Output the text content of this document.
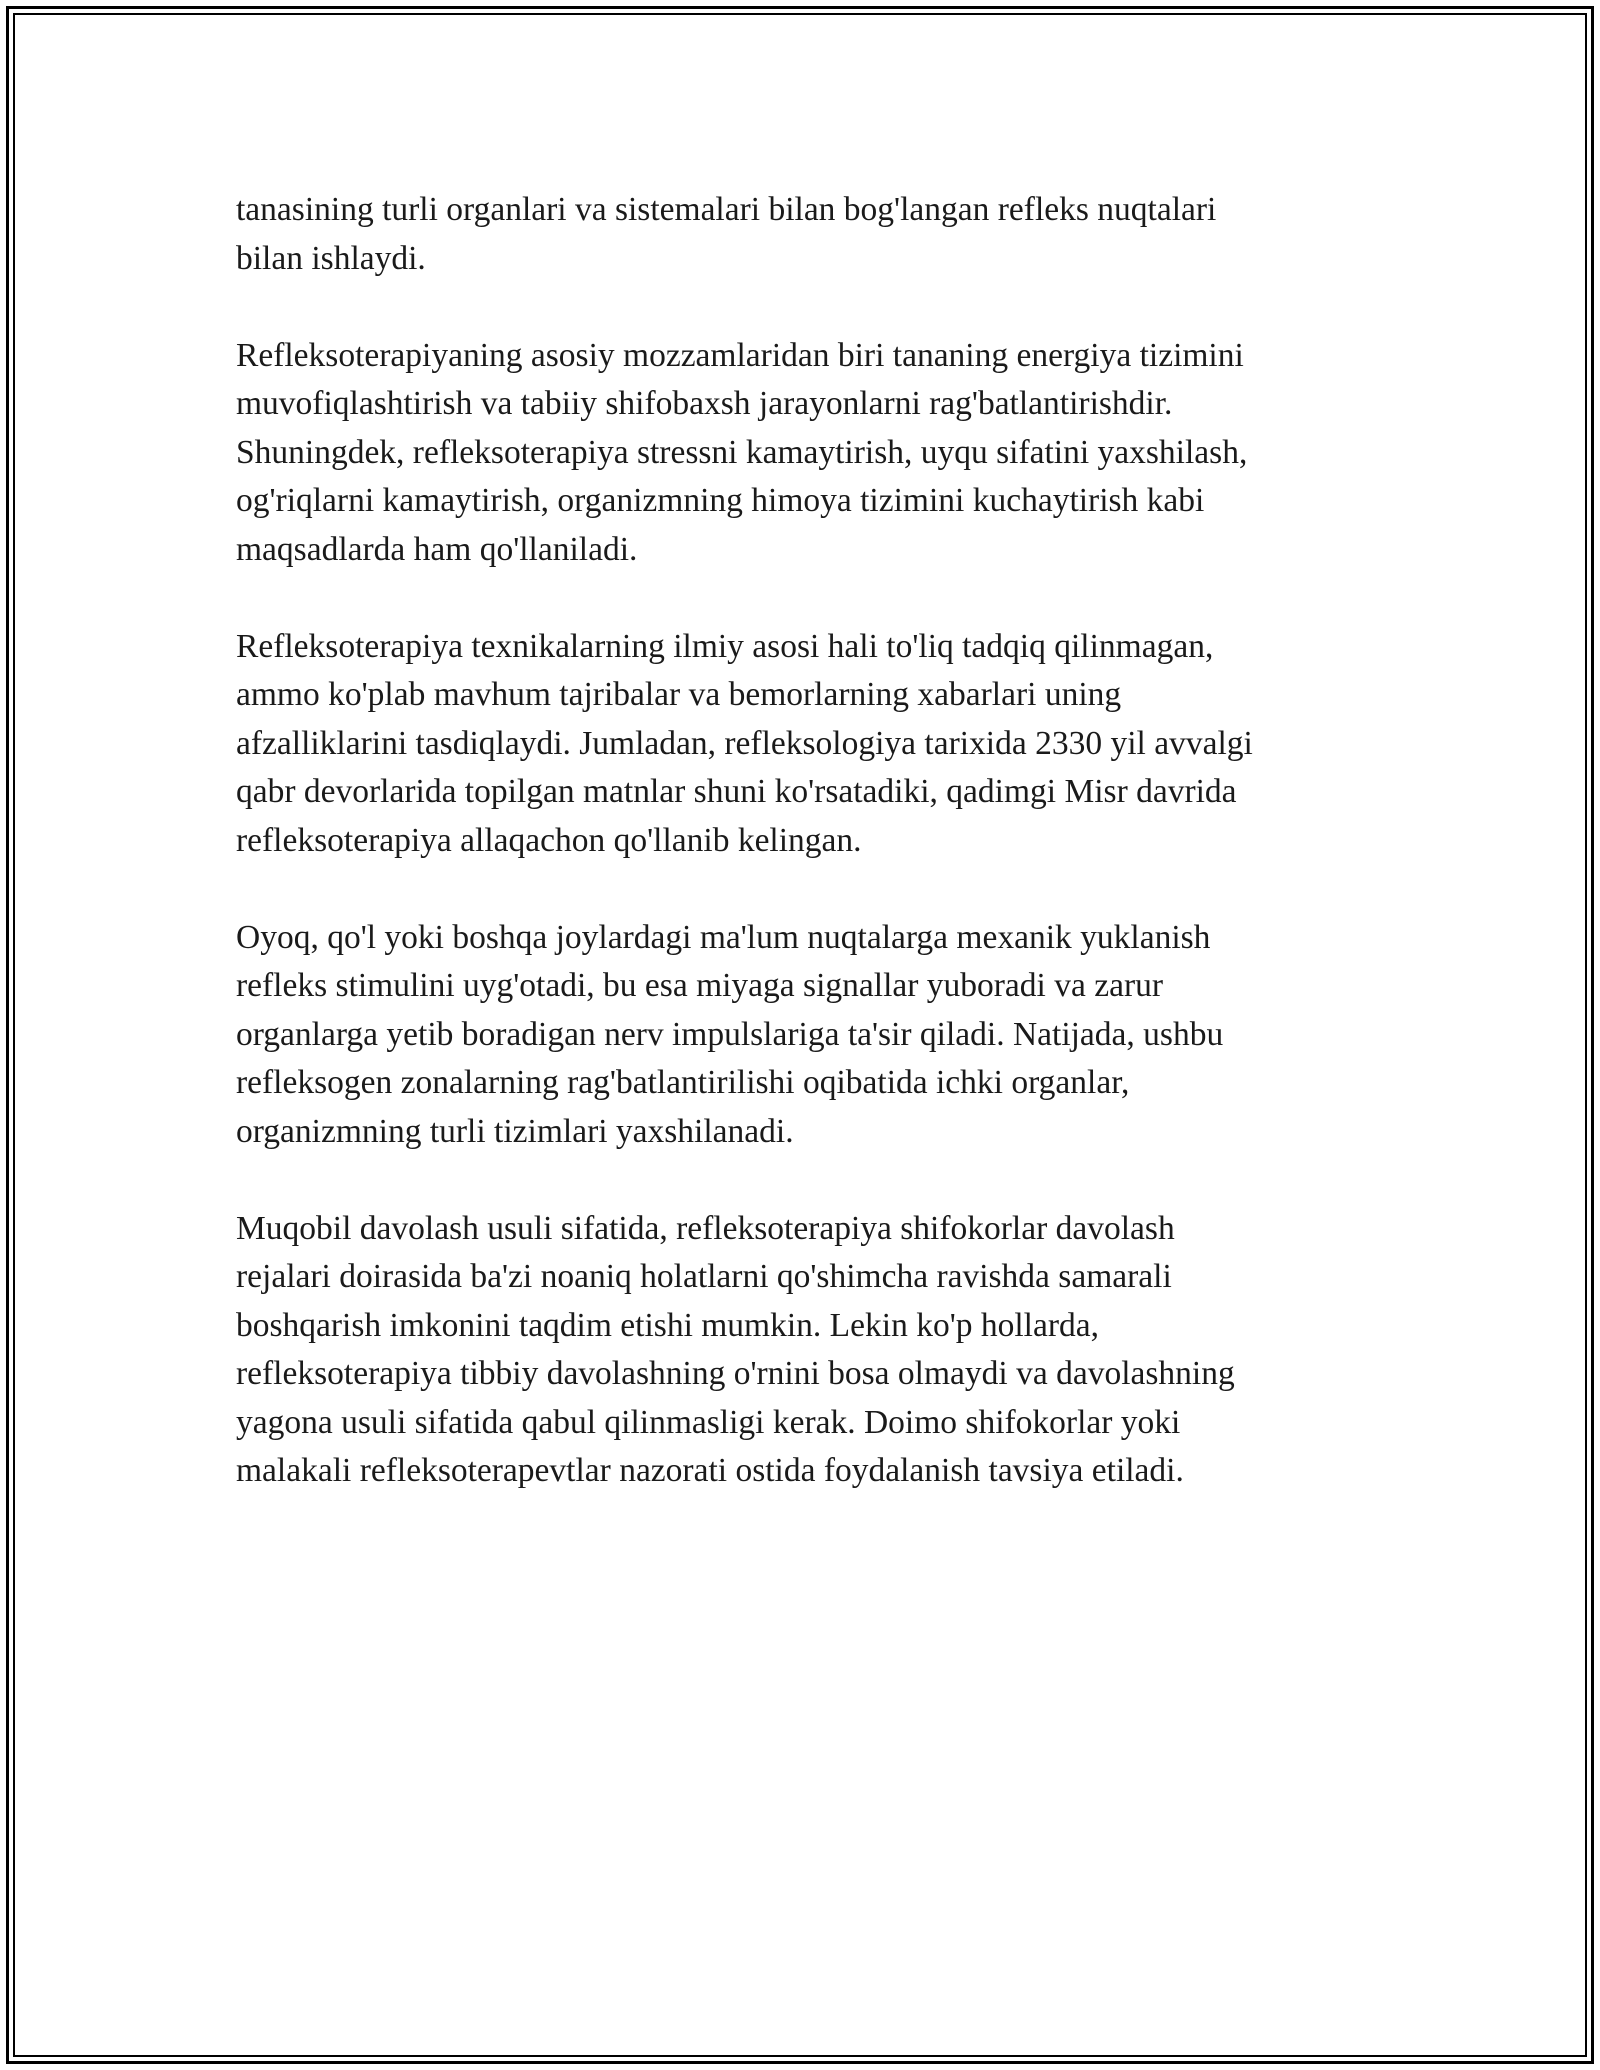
tanasining turli organlari va sistemalari bilan bog'langan refleks nuqtalari
bilan ishlaydi.

Refleksoterapiyaning asosiy mozzamlaridan biri tananing energiya tizimini
muvofiqlashtirish va tabiiy shifobaxsh jarayonlarni rag'batlantirishdir.
Shuningdek, refleksoterapiya stressni kamaytirish, uyqu sifatini yaxshilash,
og'riqlarni kamaytirish, organizmning himoya tizimini kuchaytirish kabi
maqsadlarda ham qo'llaniladi.

Refleksoterapiya texnikalarning ilmiy asosi hali to'liq tadqiq qilinmagan,
ammo ko'plab mavhum tajribalar va bemorlarning xabarlari uning
afzalliklarini tasdiqlaydi. Jumladan, refleksologiya tarixida 2330 yil avvalgi
qabr devorlarida topilgan matnlar shuni ko'rsatadiki, qadimgi Misr davrida
refleksoterapiya allaqachon qo'llanib kelingan.

Oyoq, qo'l yoki boshqa joylardagi ma'lum nuqtalarga mexanik yuklanish
refleks stimulini uyg'otadi, bu esa miyaga signallar yuboradi va zarur
organlarga yetib boradigan nerv impulslariga ta'sir qiladi. Natijada, ushbu
refleksogen zonalarning rag'batlantirilishi oqibatida ichki organlar,
organizmning turli tizimlari yaxshilanadi.

Muqobil davolash usuli sifatida, refleksoterapiya shifokorlar davolash
rejalari doirasida ba'zi noaniq holatlarni qo'shimcha ravishda samarali
boshqarish imkonini taqdim etishi mumkin. Lekin ko'p hollarda,
refleksoterapiya tibbiy davolashning o'rnini bosa olmaydi va davolashning
yagona usuli sifatida qabul qilinmasligi kerak. Doimo shifokorlar yoki
malakali refleksoterapevtlar nazorati ostida foydalanish tavsiya etiladi.
